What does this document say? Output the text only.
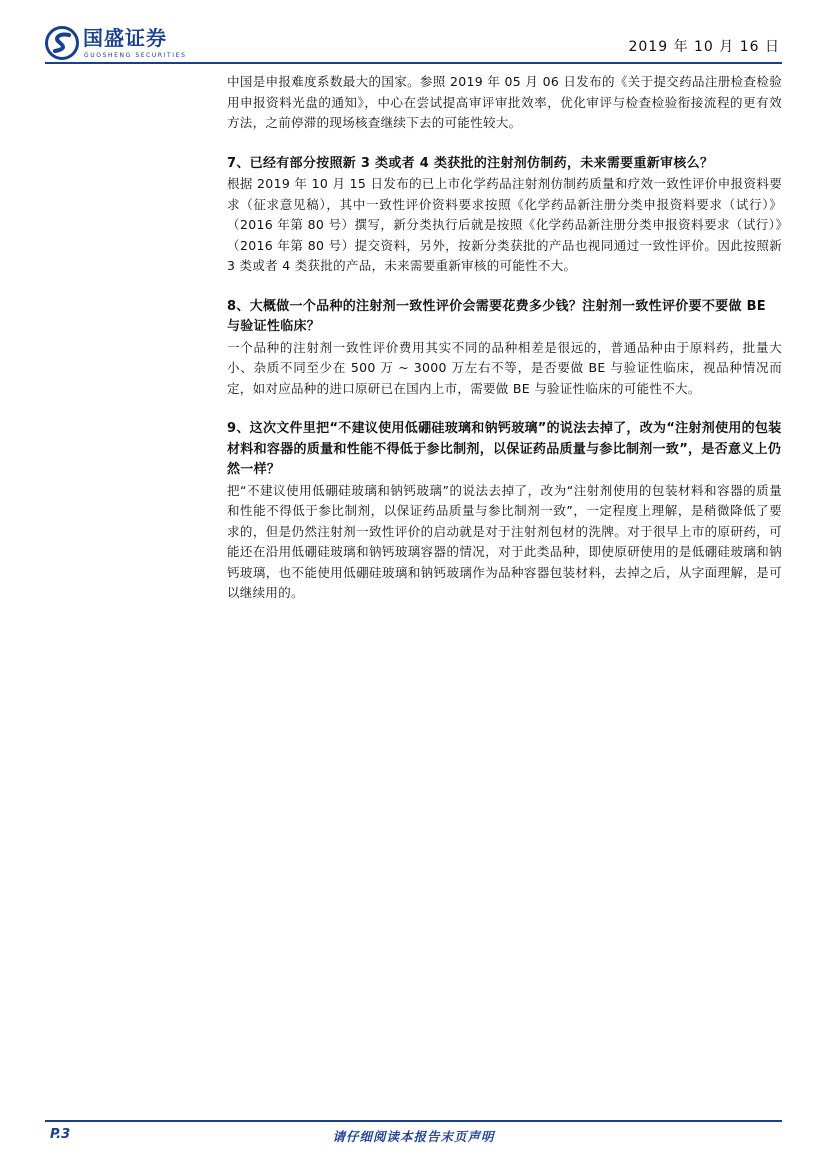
国盛证券
GUOSHENG SECURITIES
2019 年 10 月 16 日

中国是申报难度系数最大的国家。参照 2019 年 05 月 06 日发布的《关于提交药品注册检查检验用申报资料光盘的通知》，中心在尝试提高审评审批效率，优化审评与检查检验衔接流程的更有效方法，之前停滞的现场核查继续下去的可能性较大。

7、已经有部分按照新 3 类或者 4 类获批的注射剂仿制药，未来需要重新审核么？

根据 2019 年 10 月 15 日发布的已上市化学药品注射剂仿制药质量和疗效一致性评价申报资料要求（征求意见稿），其中一致性评价资料要求按照《化学药品新注册分类申报资料要求（试行）》（2016 年第 80 号）撰写，新分类执行后就是按照《化学药品新注册分类申报资料要求（试行）》（2016 年第 80 号）提交资料，另外，按新分类获批的产品也视同通过一致性评价。因此按照新 3 类或者 4 类获批的产品，未来需要重新审核的可能性不大。

8、大概做一个品种的注射剂一致性评价会需要花费多少钱？注射剂一致性评价要不要做 BE 与验证性临床？

一个品种的注射剂一致性评价费用其实不同的品种相差是很远的，普通品种由于原料药，批量大小、杂质不同至少在 500 万 ~ 3000 万左右不等，是否要做 BE 与验证性临床，视品种情况而定，如对应品种的进口原研已在国内上市，需要做 BE 与验证性临床的可能性不大。

9、这次文件里把“不建议使用低硼硅玻璃和钠钙玻璃”的说法去掉了，改为“注射剂使用的包装材料和容器的质量和性能不得低于参比制剂，以保证药品质量与参比制剂一致”，是否意义上仍然一样？

把“不建议使用低硼硅玻璃和钠钙玻璃”的说法去掉了，改为“注射剂使用的包装材料和容器的质量和性能不得低于参比制剂，以保证药品质量与参比制剂一致”，一定程度上理解，是稍微降低了要求的，但是仍然注射剂一致性评价的启动就是对于注射剂包材的洗牌。对于很早上市的原研药，可能还在沿用低硼硅玻璃和钠钙玻璃容器的情况，对于此类品种，即使原研使用的是低硼硅玻璃和钠钙玻璃，也不能使用低硼硅玻璃和钠钙玻璃作为品种容器包装材料，去掉之后，从字面理解，是可以继续用的。

P.3	请仔细阅读本报告末页声明
